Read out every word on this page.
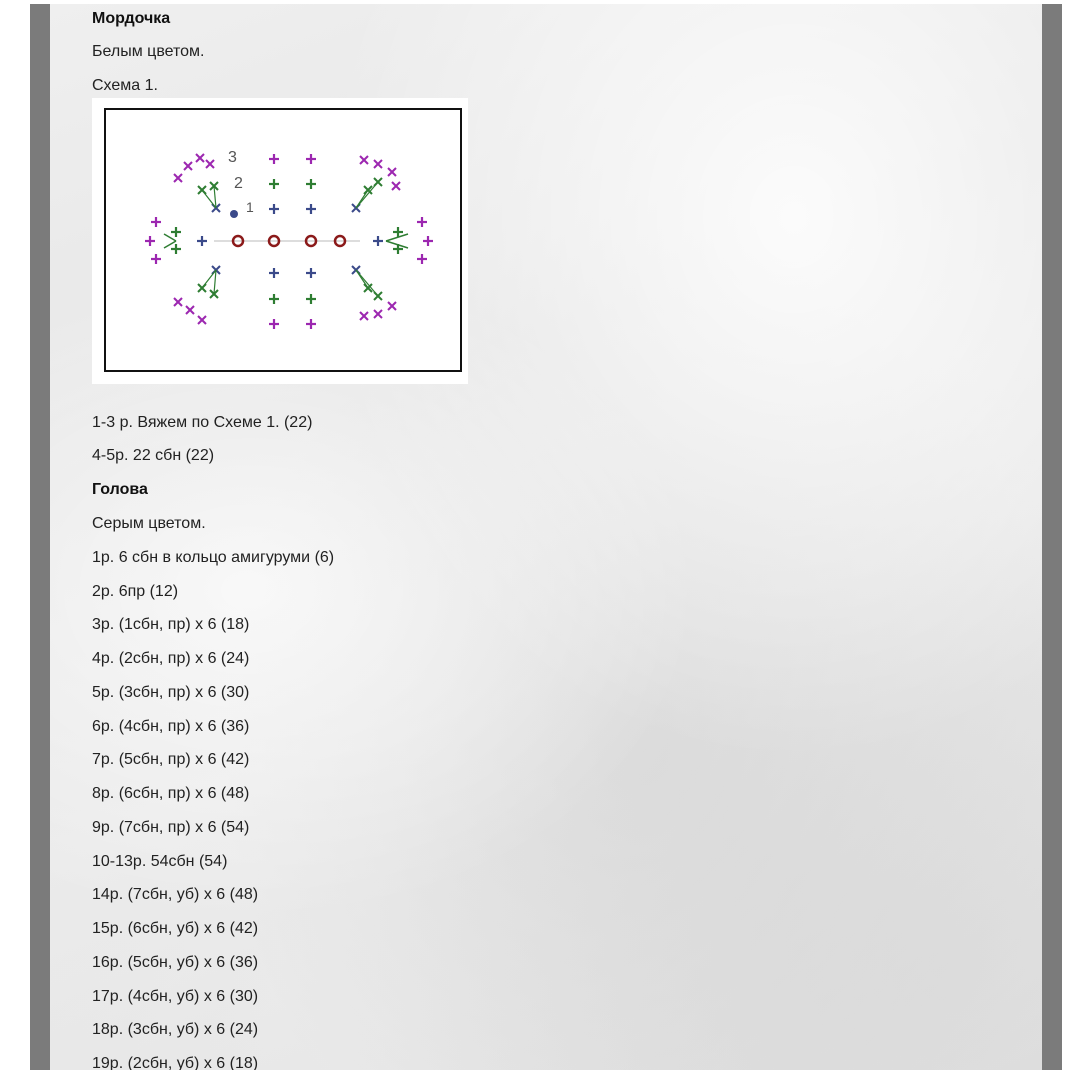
Мордочка
Белым цветом.
Схема 1.
1-3 р. Вяжем по Схеме 1. (22)
4-5р. 22 сбн (22)
Голова
Серым цветом.
1р. 6 сбн в кольцо амигуруми (6)
2р. 6пр (12)
3р. (1сбн, пр) х 6 (18)
4р. (2сбн, пр) х 6 (24)
5р. (3сбн, пр) х 6 (30)
6р. (4сбн, пр) х 6 (36)
7р. (5сбн, пр) х 6 (42)
8р. (6сбн, пр) х 6 (48)
9р. (7сбн, пр) х 6 (54)
10-13р. 54сбн (54)
14р. (7сбн, уб) х 6 (48)
15р. (6сбн, уб) х 6 (42)
16р. (5сбн, уб) х 6 (36)
17р. (4сбн, уб) х 6 (30)
18р. (3сбн, уб) х 6 (24)
19р. (2сбн, уб) х 6 (18)
3
2
1
